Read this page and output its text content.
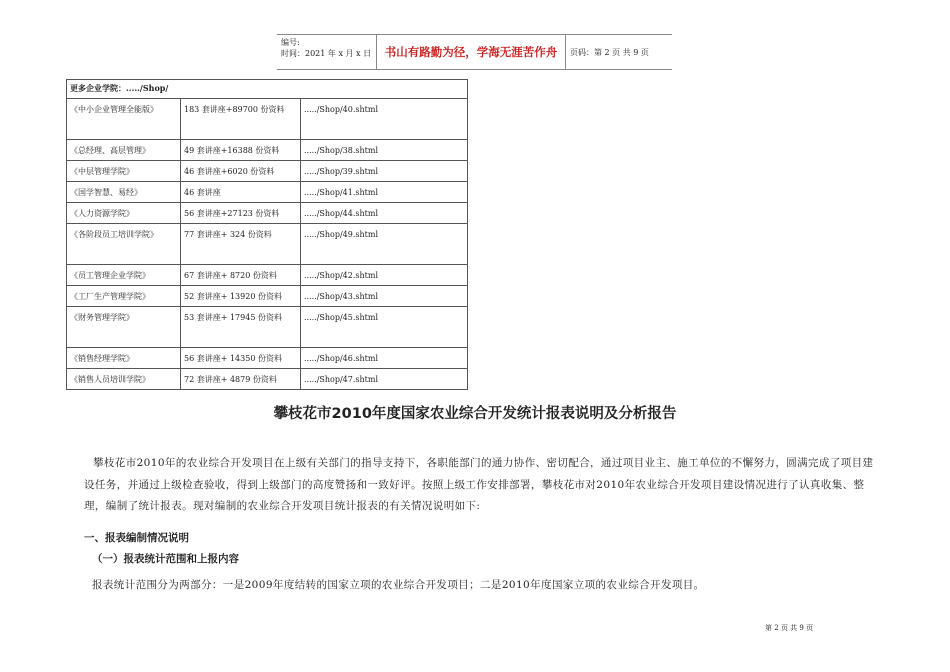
编号:
时间：2021 年 x 月 x 日	书山有路勤为径，学海无涯苦作舟	页码：第 2 页 共 9 页
更多企业学院：...../Shop/
《中小企业管理全能版》	183 套讲座+89700 份资料	...../Shop/40.shtml
《总经理、高层管理》	49 套讲座+16388 份资料	...../Shop/38.shtml
《中层管理学院》	46 套讲座+6020 份资料	...../Shop/39.shtml
《国学智慧、易经》	46 套讲座	...../Shop/41.shtml
《人力资源学院》	56 套讲座+27123 份资料	...../Shop/44.shtml
《各阶段员工培训学院》	77 套讲座+ 324 份资料	...../Shop/49.shtml
《员工管理企业学院》	67 套讲座+ 8720 份资料	...../Shop/42.shtml
《工厂生产管理学院》	52 套讲座+ 13920 份资料	...../Shop/43.shtml
《财务管理学院》	53 套讲座+ 17945 份资料	...../Shop/45.shtml
《销售经理学院》	56 套讲座+ 14350 份资料	...../Shop/46.shtml
《销售人员培训学院》	72 套讲座+ 4879 份资料	...../Shop/47.shtml
攀枝花市2010年度国家农业综合开发统计报表说明及分析报告
攀枝花市2010年的农业综合开发项目在上级有关部门的指导支持下，各职能部门的通力协作、密切配合，通过项目业主、施工单位的不懈努力，圆满完成了项目建设任务，并通过上级检查验收，得到上级部门的高度赞扬和一致好评。按照上级工作安排部署，攀枝花市对2010年农业综合开发项目建设情况进行了认真收集、整理，编制了统计报表。现对编制的农业综合开发项目统计报表的有关情况说明如下:
一、报表编制情况说明
（一）报表统计范围和上报内容
报表统计范围分为两部分：一是2009年度结转的国家立项的农业综合开发项目；二是2010年度国家立项的农业综合开发项目。
第 2 页 共 9 页
